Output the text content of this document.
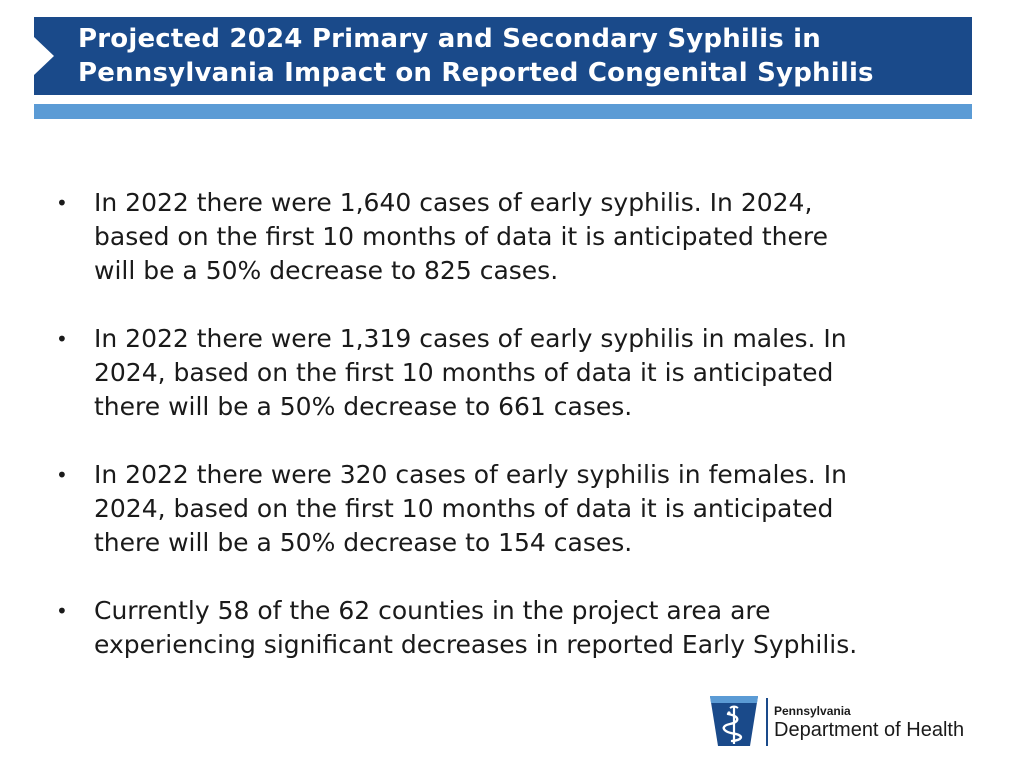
Projected 2024 Primary and Secondary Syphilis in
Pennsylvania Impact on Reported Congenital Syphilis
• In 2022 there were 1,640 cases of early syphilis. In 2024,
based on the first 10 months of data it is anticipated there
will be a 50% decrease to 825 cases.
• In 2022 there were 1,319 cases of early syphilis in males. In
2024, based on the first 10 months of data it is anticipated
there will be a 50% decrease to 661 cases.
• In 2022 there were 320 cases of early syphilis in females. In
2024, based on the first 10 months of data it is anticipated
there will be a 50% decrease to 154 cases.
• Currently 58 of the 62 counties in the project area are
experiencing significant decreases in reported Early Syphilis.
Pennsylvania
Department of Health
